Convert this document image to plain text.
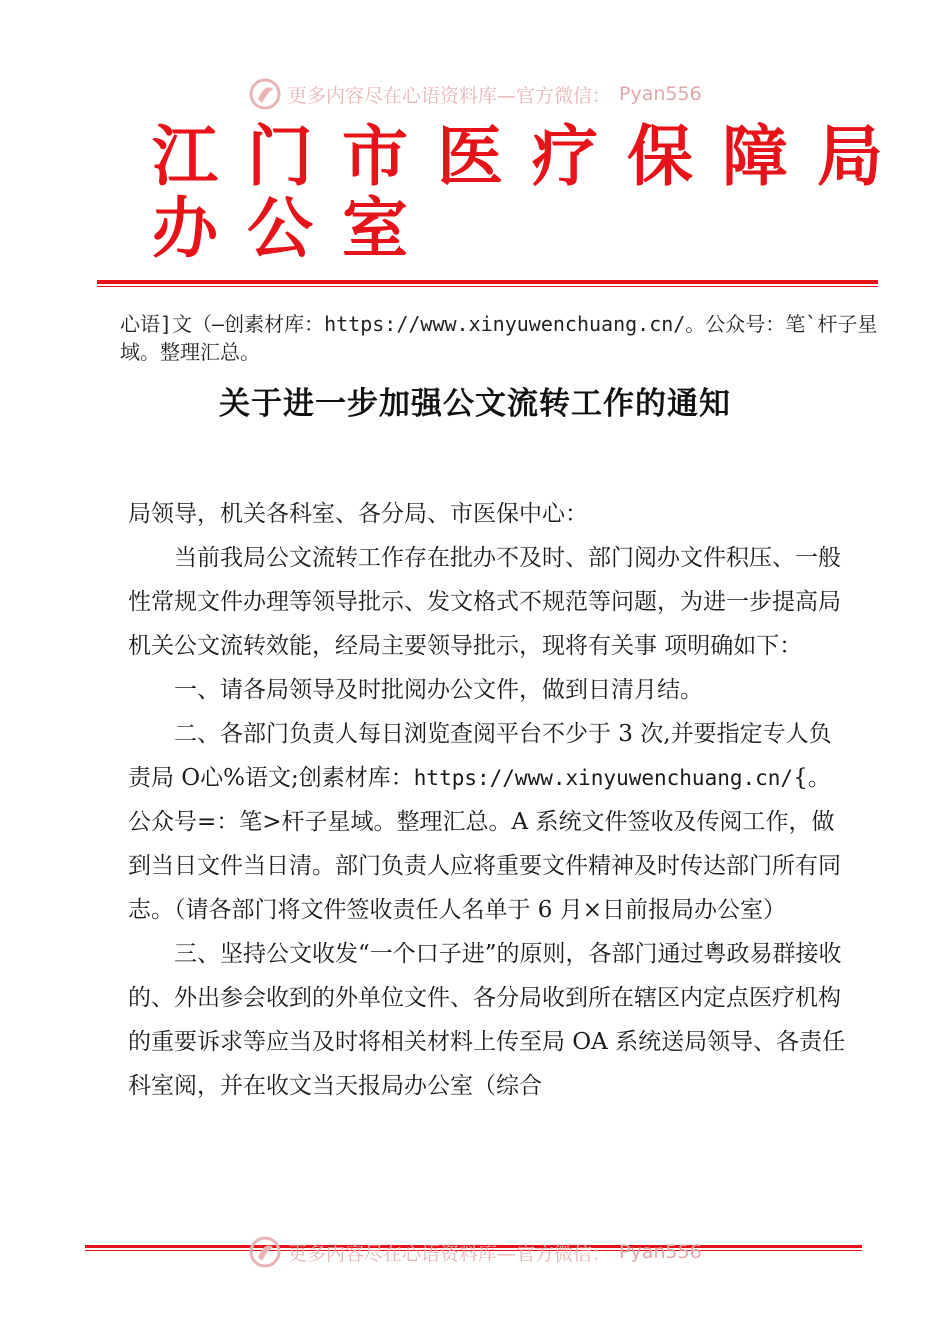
更多内容尽在心语资料库—官方微信： Pyan556
江门市医疗保障局
办公室
心语]文（—创素材库：https://www.xinyuwenchuang.cn/。公众号：笔`杆子星域。整理汇总。
关于进一步加强公文流转工作的通知

局领导，机关各科室、各分局、市医保中心：

当前我局公文流转工作存在批办不及时、部门阅办文件积压、一般性常规文件办理等领导批示、发文格式不规范等问题，为进一步提高局机关公文流转效能，经局主要领导批示，现将有关事 项明确如下：

一、请各局领导及时批阅办公文件，做到日清月结。

二、各部门负责人每日浏览查阅平台不少于 3 次,并要指定专人负责局 O心%语文;创素材库：https://www.xinyuwenchuang.cn/{。公众号=：笔>杆子星域。整理汇总。A 系统文件签收及传阅工作，做到当日文件当日清。部门负责人应将重要文件精神及时传达部门所有同志。（请各部门将文件签收责任人名单于 6 月×日前报局办公室）

三、坚持公文收发“一个口子进”的原则，各部门通过粤政易群接收的、外出参会收到的外单位文件、各分局收到所在辖区内定点医疗机构的重要诉求等应当及时将相关材料上传至局 OA 系统送局领导、各责任科室阅，并在收文当天报局办公室（综合

更多内容尽在心语资料库—官方微信： Pyan556
